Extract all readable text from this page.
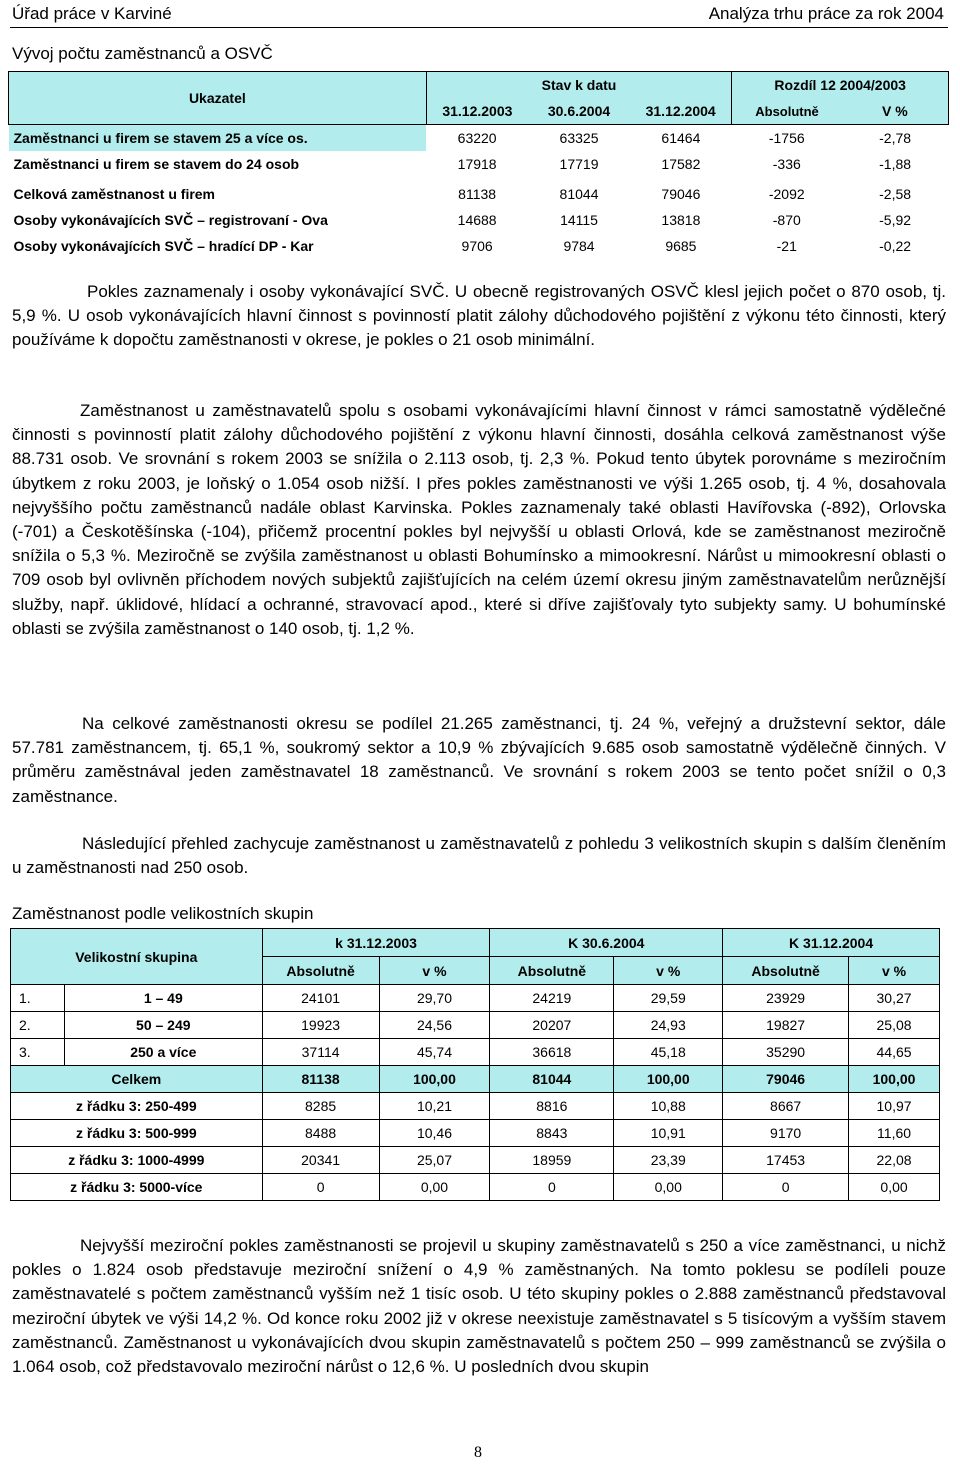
Úřad práce v Karviné	Analýza trhu práce za rok 2004
Vývoj počtu zaměstnanců a OSVČ
Ukazatel	Stav k datu			Rozdíl 12 2004/2003	
	31.12.2003	30.6.2004	31.12.2004	Absolutně	V %
Zaměstnanci u firem se stavem 25 a více os.	63220	63325	61464	-1756	-2,78
Zaměstnanci u firem se stavem do 24 osob	17918	17719	17582	-336	-1,88

Celková zaměstnanost u firem	81138	81044	79046	-2092	-2,58
Osoby vykonávajících SVČ – registrovaní - Ova	14688	14115	13818	-870	-5,92
Osoby vykonávajících SVČ – hradící DP - Kar	9706	9784	9685	-21	-0,22

Pokles zaznamenaly i osoby vykonávající SVČ. U obecně registrovaných OSVČ klesl jejich počet o 870 osob, tj. 5,9 %. U osob vykonávajících hlavní činnost s povinností platit zálohy důchodového pojištění z výkonu této činnosti, který používáme k dopočtu zaměstnanosti v okrese, je pokles o 21 osob minimální.

Zaměstnanost u zaměstnavatelů spolu s osobami vykonávajícími hlavní činnost v rámci samostatně výdělečné činnosti s povinností platit zálohy důchodového pojištění z výkonu hlavní činnosti, dosáhla celková zaměstnanost výše 88.731 osob. Ve srovnání s rokem 2003 se snížila o 2.113 osob, tj. 2,3 %. Pokud tento úbytek porovnáme s meziročním úbytkem z roku 2003, je loňský o 1.054 osob nižší. I přes pokles zaměstnanosti ve výši 1.265 osob, tj. 4 %, dosahovala nejvyššího počtu zaměstnanců nadále oblast Karvinska. Pokles zaznamenaly také oblasti Havířovska (-892), Orlovska (-701) a Českotěšínska (-104), přičemž procentní pokles byl nejvyšší u oblasti Orlová, kde se zaměstnanost meziročně snížila o 5,3 %. Meziročně se zvýšila zaměstnanost u oblasti Bohumínsko a mimookresní. Nárůst u mimookresní oblasti o 709 osob byl ovlivněn příchodem nových subjektů zajišťujících na celém území okresu jiným zaměstnavatelům nerůznější služby, např. úklidové, hlídací a ochranné, stravovací apod., které si dříve zajišťovaly tyto subjekty samy. U bohumínské oblasti se zvýšila zaměstnanost o 140 osob, tj. 1,2 %.

Na celkové zaměstnanosti okresu se podílel 21.265 zaměstnanci, tj. 24 %, veřejný a družstevní sektor, dále 57.781 zaměstnancem, tj. 65,1 %, soukromý sektor a 10,9 % zbývajících 9.685 osob samostatně výdělečně činných. V průměru zaměstnával jeden zaměstnavatel 18 zaměstnanců. Ve srovnání s rokem 2003 se tento počet snížil o 0,3 zaměstnance.

Následující přehled zachycuje zaměstnanost u zaměstnavatelů z pohledu 3 velikostních skupin s dalším členěním u zaměstnanosti nad 250 osob.

Zaměstnanost podle velikostních skupin
Velikostní skupina		k 31.12.2003		K 30.6.2004		K 31.12.2004	
		Absolutně	v %	Absolutně	v %	Absolutně	v %
1.	1 – 49	24101	29,70	24219	29,59	23929	30,27
2.	50 – 249	19923	24,56	20207	24,93	19827	25,08
3.	250 a více	37114	45,74	36618	45,18	35290	44,65
Celkem		81138	100,00	81044	100,00	79046	100,00
z řádku 3: 250-499		8285	10,21	8816	10,88	8667	10,97
z řádku 3: 500-999		8488	10,46	8843	10,91	9170	11,60
z řádku 3: 1000-4999		20341	25,07	18959	23,39	17453	22,08
z řádku 3: 5000-více		0	0,00	0	0,00	0	0,00

Nejvyšší meziroční pokles zaměstnanosti se projevil u skupiny zaměstnavatelů s 250 a více zaměstnanci, u nichž pokles o 1.824 osob představuje meziroční snížení o 4,9 % zaměstnaných. Na tomto poklesu se podíleli pouze zaměstnavatelé s počtem zaměstnanců vyšším než 1 tisíc osob. U této skupiny pokles o 2.888 zaměstnanců představoval meziroční úbytek ve výši 14,2 %. Od konce roku 2002 již v okrese neexistuje zaměstnavatel s 5 tisícovým a vyšším stavem zaměstnanců. Zaměstnanost u vykonávajících dvou skupin zaměstnavatelů s počtem 250 – 999 zaměstnanců se zvýšila o 1.064 osob, což představovalo meziroční nárůst o 12,6 %. U posledních dvou skupin

8
